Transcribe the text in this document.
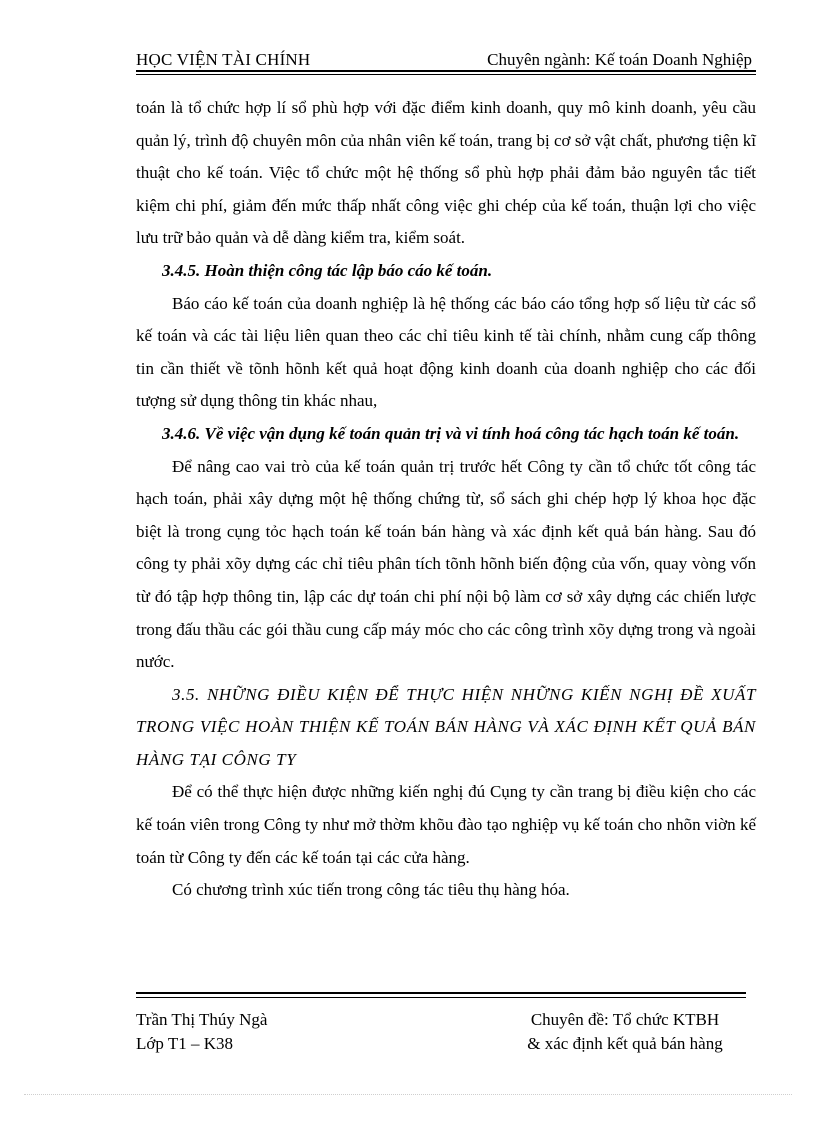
HỌC VIỆN TÀI CHÍNH	Chuyên ngành: Kế toán Doanh Nghiệp

toán là tổ chức hợp lí sổ phù hợp với đặc điểm kinh doanh, quy mô kinh doanh, yêu cầu quản lý, trình độ chuyên môn của nhân viên kế toán, trang bị cơ sở vật chất, phương tiện kĩ thuật cho kế toán. Việc tổ chức một hệ thống sổ phù hợp phải đảm bảo nguyên tắc tiết kiệm chi phí, giảm đến mức thấp nhất công việc ghi chép của kế toán, thuận lợi cho việc lưu trữ bảo quản và dễ dàng kiểm tra, kiểm soát.

3.4.5. Hoàn thiện công tác lập báo cáo kế toán.

Báo cáo kế toán của doanh nghiệp là hệ thống các báo cáo tổng hợp số liệu từ các sổ kế toán và các tài liệu liên quan theo các chỉ tiêu kinh tế tài chính, nhằm cung cấp thông tin cần thiết về tõnh hõnh kết quả hoạt động kinh doanh của doanh nghiệp cho các đối tượng sử dụng thông tin khác nhau,

3.4.6. Về việc vận dụng kế toán quản trị và vi tính hoá công tác hạch toán kế toán.

Để nâng cao vai trò của kế toán quản trị trước hết Công ty cần tổ chức tốt công tác hạch toán, phải xây dựng một hệ thống chứng từ, sổ sách ghi chép hợp lý khoa học đặc biệt là trong cụng tỏc hạch toán kế toán bán hàng và xác định kết quả bán hàng. Sau đó công ty phải xõy dựng các chỉ tiêu phân tích tõnh hõnh biến động của vốn, quay vòng vốn từ đó tập hợp thông tin, lập các dự toán chi phí nội bộ làm cơ sở xây dựng các chiến lược trong đấu thầu các gói thầu cung cấp máy móc cho các công trình xõy dựng trong và ngoài nước.

3.5. NHỮNG ĐIỀU KIỆN ĐỂ THỰC HIỆN NHỮNG KIẾN NGHỊ ĐỀ XUẤT TRONG VIỆC HOÀN THIỆN KẾ TOÁN BÁN HÀNG VÀ XÁC ĐỊNH KẾT QUẢ BÁN HÀNG TẠI CÔNG TY

Để có thể thực hiện được những kiến nghị đú Cụng ty cần trang bị điều kiện cho các kế toán viên trong Công ty như mở thờm khõu đào tạo nghiệp vụ kế toán cho nhõn viờn kế toán từ Công ty đến các kế toán tại các cửa hàng.

Có chương trình xúc tiến trong công tác tiêu thụ hàng hóa.

Trần Thị Thúy Ngà
Lớp T1 – K38
Chuyên đề: Tổ chức KTBH
& xác định kết quả bán hàng
